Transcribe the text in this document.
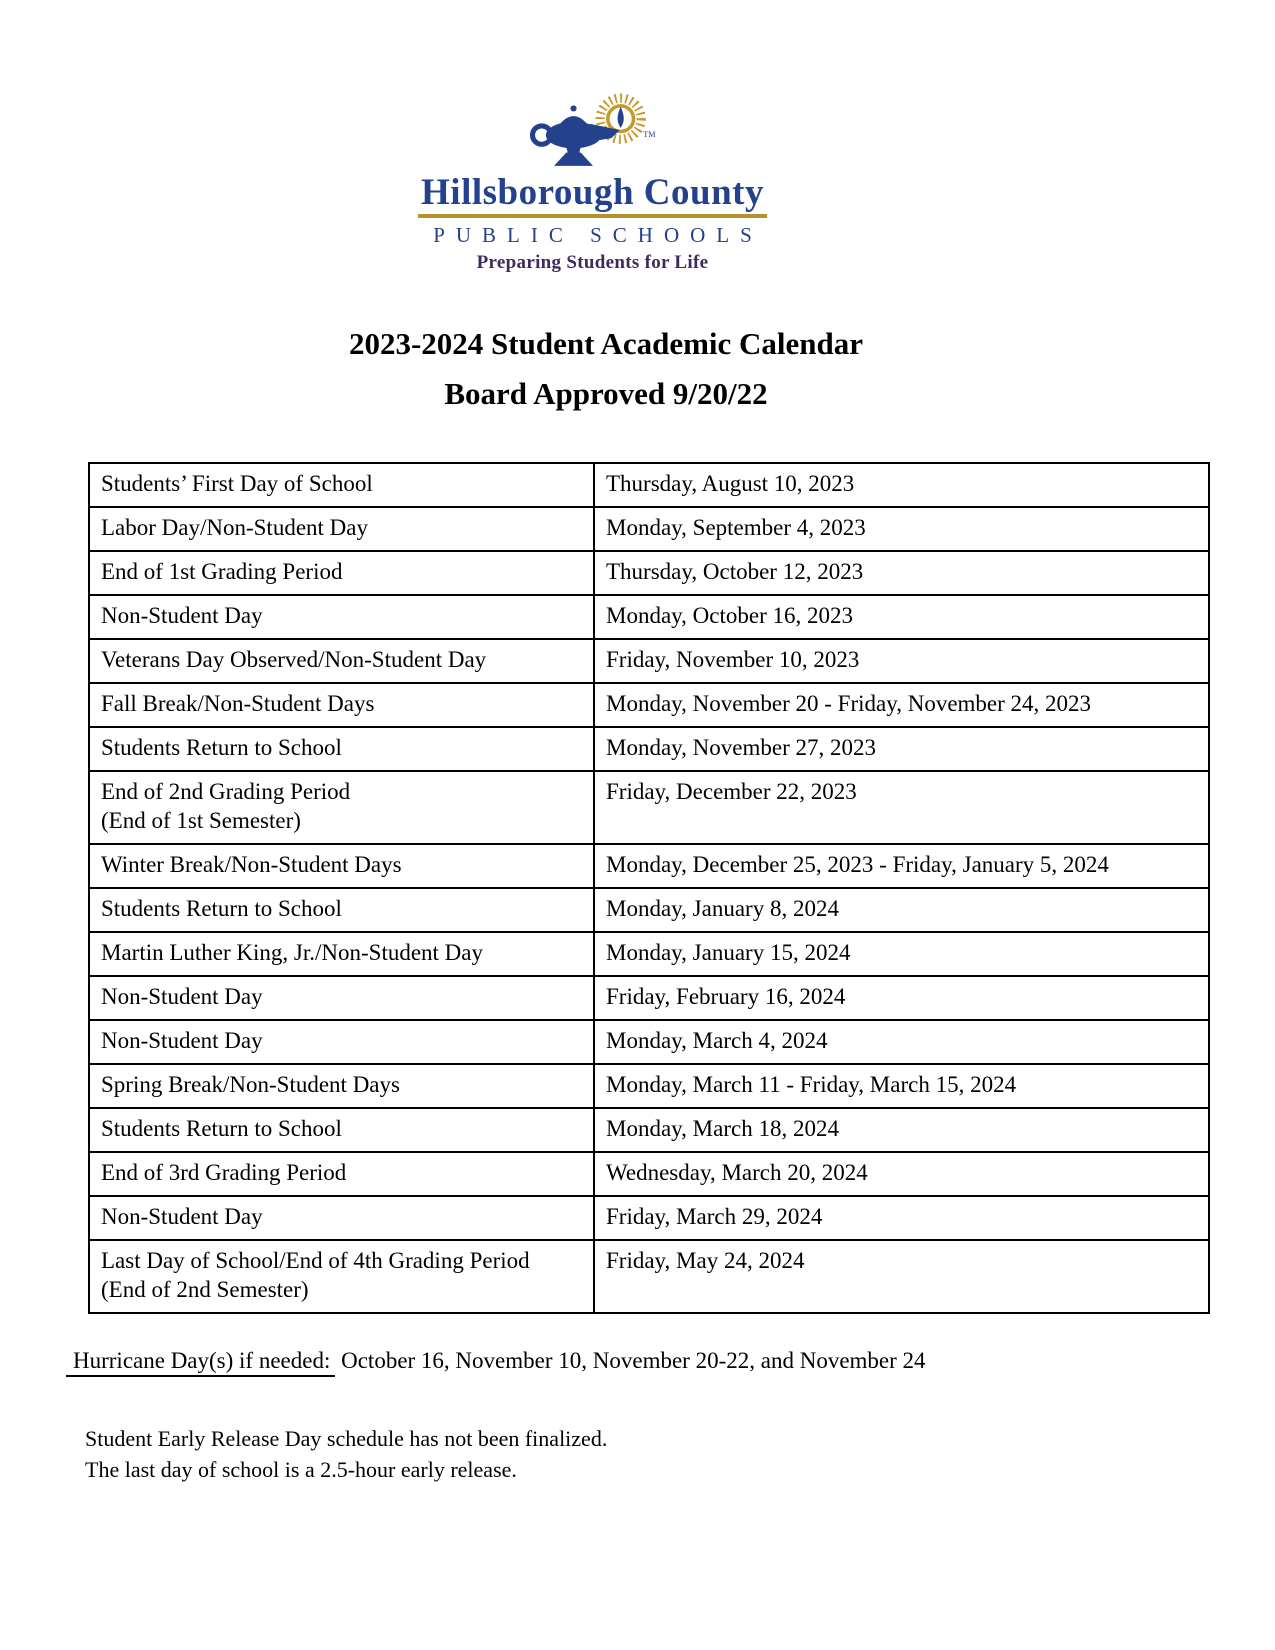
TM
Hillsborough County
PUBLIC SCHOOLS
Preparing Students for Life

2023-2024 Student Academic Calendar

Board Approved 9/20/22

Students’ First Day of School	Thursday, August 10, 2023
Labor Day/Non-Student Day	Monday, September 4, 2023
End of 1st Grading Period	Thursday, October 12, 2023
Non-Student Day	Monday, October 16, 2023
Veterans Day Observed/Non-Student Day	Friday, November 10, 2023
Fall Break/Non-Student Days	Monday, November 20 - Friday, November 24, 2023
Students Return to School	Monday, November 27, 2023
End of 2nd Grading Period
(End of 1st Semester)	Friday, December 22, 2023
Winter Break/Non-Student Days	Monday, December 25, 2023 - Friday, January 5, 2024
Students Return to School	Monday, January 8, 2024
Martin Luther King, Jr./Non-Student Day	Monday, January 15, 2024
Non-Student Day	Friday, February 16, 2024
Non-Student Day	Monday, March 4, 2024
Spring Break/Non-Student Days	Monday, March 11 - Friday, March 15, 2024
Students Return to School	Monday, March 18, 2024
End of 3rd Grading Period	Wednesday, March 20, 2024
Non-Student Day	Friday, March 29, 2024
Last Day of School/End of 4th Grading Period
(End of 2nd Semester)	Friday, May 24, 2024
Hurricane Day(s) if needed: October 16, November 10, November 20-22, and November 24

Student Early Release Day schedule has not been finalized.

The last day of school is a 2.5-hour early release.
